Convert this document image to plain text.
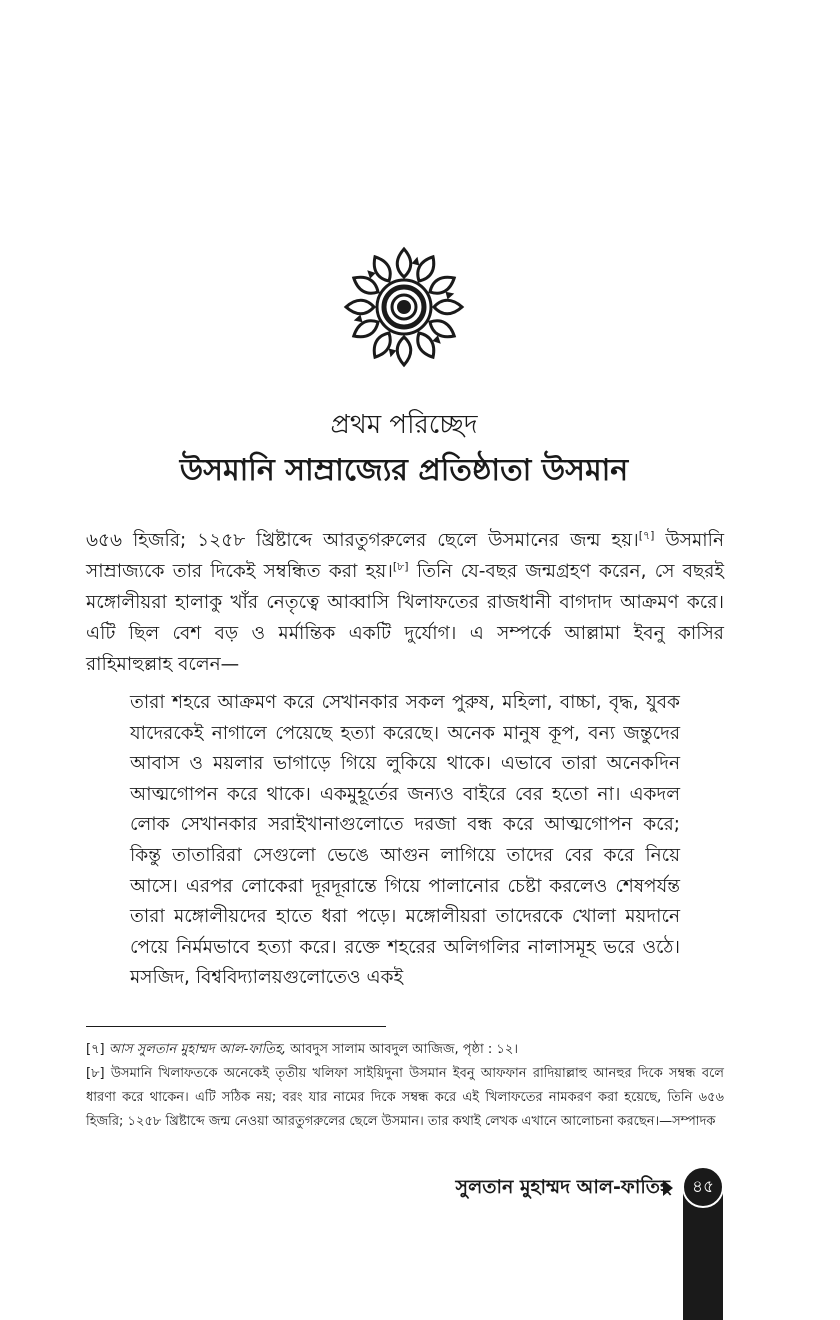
প্রথম পরিচ্ছেদ
উসমানি সাম্রাজ্যের প্রতিষ্ঠাতা উসমান

৬৫৬ হিজরি; ১২৫৮ খ্রিষ্টাব্দে আরতুগরুলের ছেলে উসমানের জন্ম হয়।[৭] উসমানি সাম্রাজ্যকে তার দিকেই সম্বন্ধিত করা হয়।[৮] তিনি যে-বছর জন্মগ্রহণ করেন, সে বছরই মঙ্গোলীয়রা হালাকু খাঁর নেতৃত্বে আব্বাসি খিলাফতের রাজধানী বাগদাদ আক্রমণ করে। এটি ছিল বেশ বড় ও মর্মান্তিক একটি দুর্যোগ। এ সম্পর্কে আল্লামা ইবনু কাসির রাহিমাহুল্লাহ বলেন—

তারা শহরে আক্রমণ করে সেখানকার সকল পুরুষ, মহিলা, বাচ্চা, বৃদ্ধ, যুবক যাদেরকেই নাগালে পেয়েছে হত্যা করেছে। অনেক মানুষ কূপ, বন্য জন্তুদের আবাস ও ময়লার ভাগাড়ে গিয়ে লুকিয়ে থাকে। এভাবে তারা অনেকদিন আত্মগোপন করে থাকে। একমুহূর্তের জন্যও বাইরে বের হতো না। একদল লোক সেখানকার সরাইখানাগুলোতে দরজা বন্ধ করে আত্মগোপন করে; কিন্তু তাতারিরা সেগুলো ভেঙে আগুন লাগিয়ে তাদের বের করে নিয়ে আসে। এরপর লোকেরা দূরদূরান্তে গিয়ে পালানোর চেষ্টা করলেও শেষপর্যন্ত তারা মঙ্গোলীয়দের হাতে ধরা পড়ে। মঙ্গোলীয়রা তাদেরকে খোলা ময়দানে পেয়ে নির্মমভাবে হত্যা করে। রক্তে শহরের অলিগলির নালাসমূহ ভরে ওঠে। মসজিদ, বিশ্ববিদ্যালয়গুলোতেও একই

[৭] আস সুলতান মুহাম্মদ আল-ফাতিহ, আবদুস সালাম আবদুল আজিজ, পৃষ্ঠা : ১২।

[৮] উসমানি খিলাফতকে অনেকেই তৃতীয় খলিফা সাইয়িদুনা উসমান ইবনু আফফান রাদিয়াল্লাহু আনহুর দিকে সম্বন্ধ বলে ধারণা করে থাকেন। এটি সঠিক নয়; বরং যার নামের দিকে সম্বন্ধ করে এই খিলাফতের নামকরণ করা হয়েছে, তিনি ৬৫৬ হিজরি; ১২৫৮ খ্রিষ্টাব্দে জন্ম নেওয়া আরতুগরুলের ছেলে উসমান। তার কথাই লেখক এখানে আলোচনা করছেন।—সম্পাদক

সুলতান মুহাম্মদ আল-ফাতিহ	৪৫
